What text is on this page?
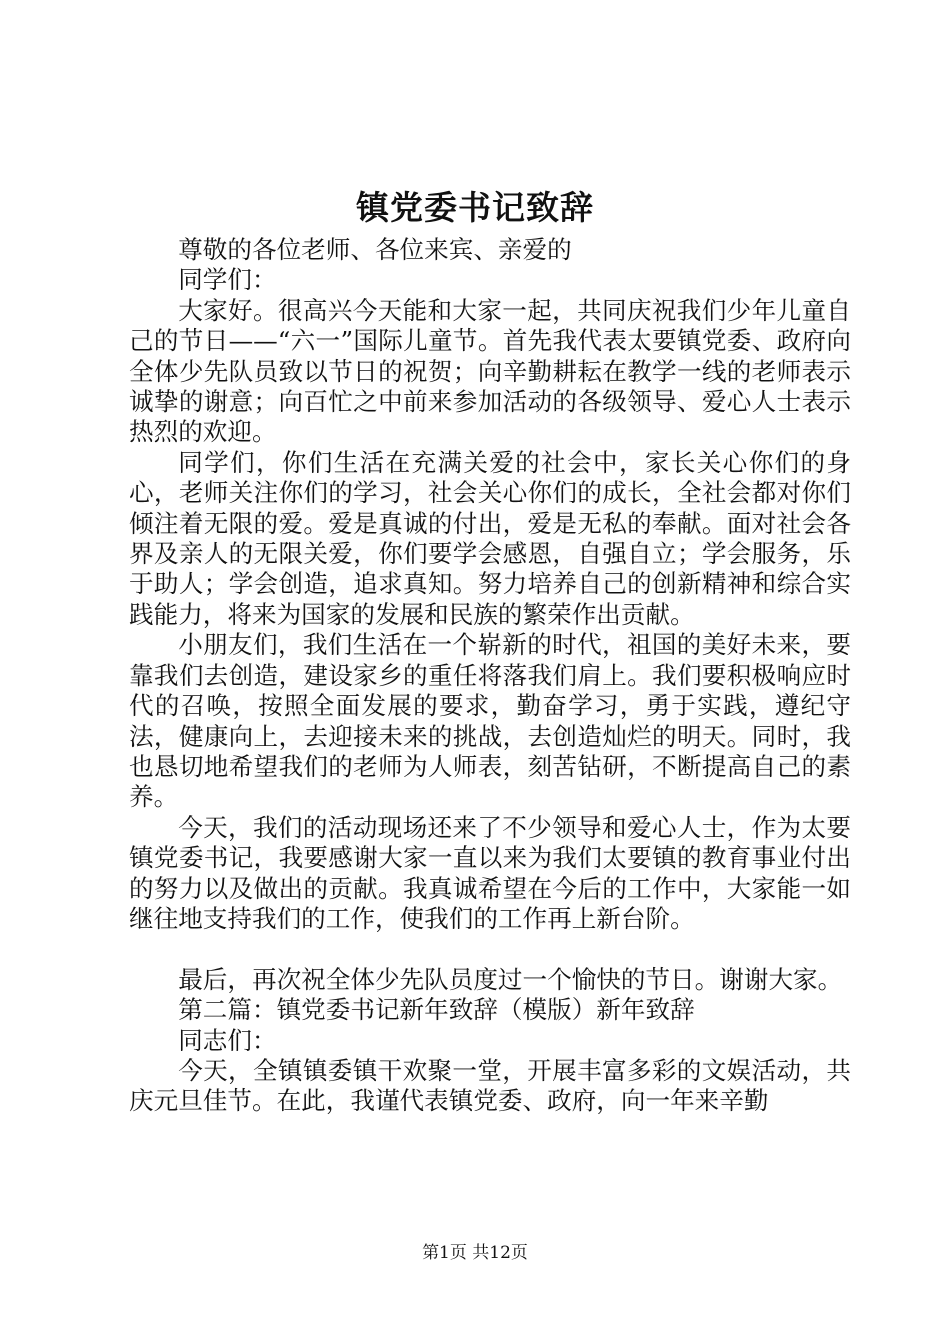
镇党委书记致辞

尊敬的各位老师、各位来宾、亲爱的

同学们：

大家好。很高兴今天能和大家一起，共同庆祝我们少年儿童自己的节日——“六一”国际儿童节。首先我代表太要镇党委、政府向全体少先队员致以节日的祝贺；向辛勤耕耘在教学一线的老师表示诚挚的谢意；向百忙之中前来参加活动的各级领导、爱心人士表示热烈的欢迎。

同学们，你们生活在充满关爱的社会中，家长关心你们的身心，老师关注你们的学习，社会关心你们的成长，全社会都对你们倾注着无限的爱。爱是真诚的付出，爱是无私的奉献。面对社会各界及亲人的无限关爱，你们要学会感恩，自强自立；学会服务，乐于助人；学会创造，追求真知。努力培养自己的创新精神和综合实践能力，将来为国家的发展和民族的繁荣作出贡献。

小朋友们，我们生活在一个崭新的时代，祖国的美好未来，要靠我们去创造，建设家乡的重任将落我们肩上。我们要积极响应时代的召唤，按照全面发展的要求，勤奋学习，勇于实践，遵纪守法，健康向上，去迎接未来的挑战，去创造灿烂的明天。同时，我也恳切地希望我们的老师为人师表，刻苦钻研，不断提高自己的素养。

今天，我们的活动现场还来了不少领导和爱心人士，作为太要镇党委书记，我要感谢大家一直以来为我们太要镇的教育事业付出的努力以及做出的贡献。我真诚希望在今后的工作中，大家能一如继往地支持我们的工作，使我们的工作再上新台阶。

最后，再次祝全体少先队员度过一个愉快的节日。谢谢大家。

第二篇：镇党委书记新年致辞（模版）新年致辞

同志们：

今天，全镇镇委镇干欢聚一堂，开展丰富多彩的文娱活动，共庆元旦佳节。在此，我谨代表镇党委、政府，向一年来辛勤

第1页 共12页
